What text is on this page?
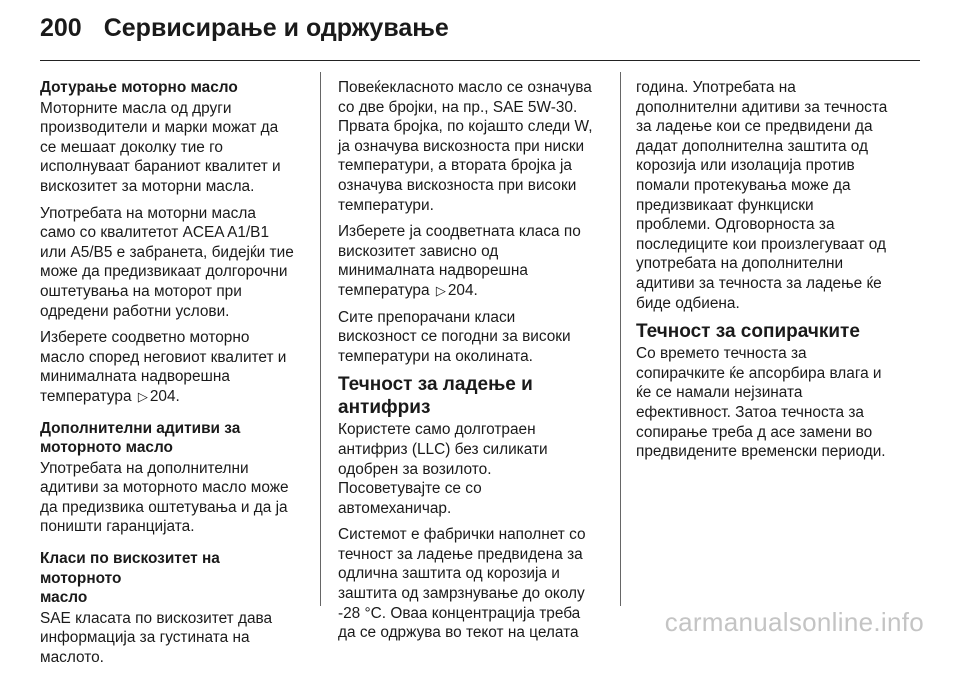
200 Сервисирање и одржување
Дотурање моторно масло

Моторните масла од други
производители и марки можат да
се мешаат доколку тие го
исполнуваат бараниот квалитет и
вискозитет за моторни масла.

Употребата на моторни масла
само со квалитетот ACEA A1/B1
или A5/B5 е забранета, бидејќи тие
може да предизвикаат долгорочни
оштетувања на моторот при
одредени работни услови.

Изберете соодветно моторно
масло според неговиот квалитет и
минималната надворешна
температура ▷ 204.

Дополнителни адитиви за
моторното масло

Употребата на дополнителни
адитиви за моторното масло може
да предизвика оштетувања и да ја
поништи гаранцијата.

Класи по вискозитет на моторното
масло

SAE класата по вискозитет дава
информација за густината на
маслото.

Повеќекласното масло се означува
со две бројки, на пр., SAE 5W-30.
Првата бројка, по којашто следи W,
ја означува вискозноста при ниски
температури, а втората бројка ја
означува вискозноста при високи
температури.

Изберете ја соодветната класа по
вискозитет зависно од
минималната надворешна
температура ▷ 204.

Сите препорачани класи
вискозност се погодни за високи
температури на околината.

Течност за ладење и
антифриз

Користете само долготраен
антифриз (LLC) без силикати
одобрен за возилото.
Посоветувајте се со
автомеханичар.

Системот е фабрички наполнет со
течност за ладење предвидена за
одлична заштита од корозија и
заштита од замрзнување до околу
-28 °C. Оваа концентрација треба
да се одржува во текот на целата

година. Употребата на
дополнителни адитиви за течноста
за ладење кои се предвидени да
дадат дополнителна заштита од
корозија или изолација против
помали протекувања може да
предизвикаат функциски
проблеми. Одговорноста за
последиците кои произлегуваат од
употребата на дополнителни
адитиви за течноста за ладење ќе
биде одбиена.

Течност за сопирачките

Со времето течноста за
сопирачките ќе апсорбира влага и
ќе се намали нејзината
ефективност. Затоа течноста за
сопирање треба д асе замени во
предвидените временски периоди.

carmanualsonline.info
